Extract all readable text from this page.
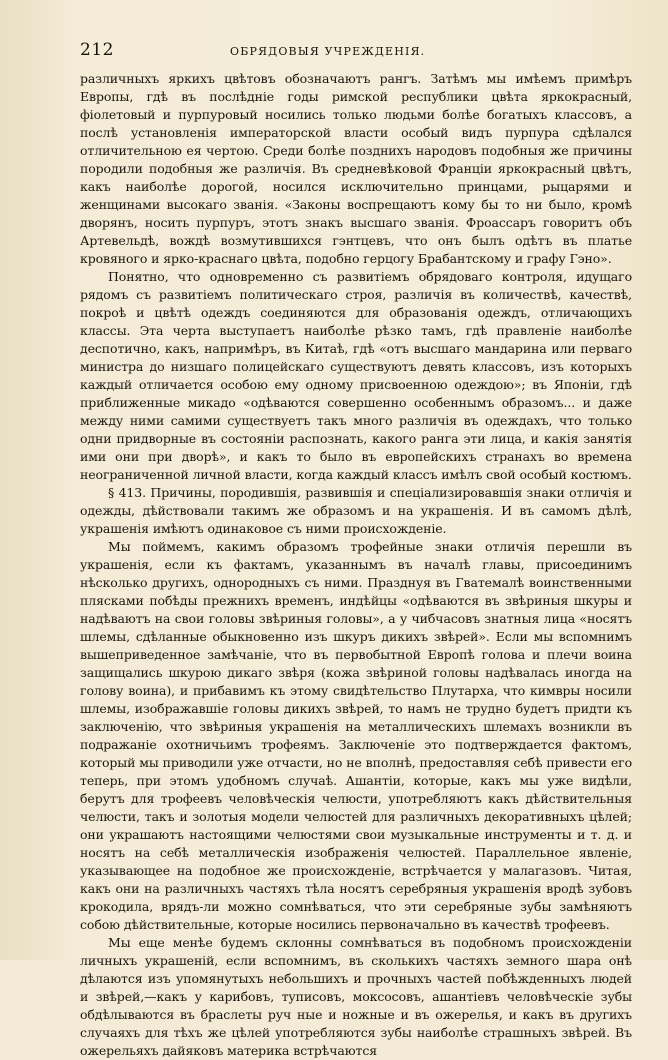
212	ОБРЯДОВЫЯ УЧРЕЖДЕНІЯ.

различныхъ яркихъ цвѣтовъ обозначаютъ рангъ. Затѣмъ мы имѣемъ примѣръ Европы, гдѣ въ послѣдніе годы римской республики цвѣта яркокрасный, фіолетовый и пурпуровый носились только людьми болѣе богатыхъ классовъ, а послѣ установленія императорской власти особый видъ пурпура сдѣлался отличительною ея чертою. Среди болѣе позднихъ народовъ подобныя же причины породили подобныя же различія. Въ средневѣковой Франціи яркокрасный цвѣтъ, какъ наиболѣе дорогой, носился исключительно принцами, рыцарями и женщинами высокаго званія. «Законы воспрещаютъ кому бы то ни было, кромѣ дворянъ, носить пурпуръ, этотъ знакъ высшаго званія. Фроассаръ говоритъ объ Артевельдѣ, вождѣ возмутившихся гэнтцевъ, что онъ былъ одѣтъ въ платье кровяного и ярко-краснаго цвѣта, подобно герцогу Брабантскому и графу Гэно».

Понятно, что одновременно съ развитіемъ обрядоваго контроля, идущаго рядомъ съ развитіемъ политическаго строя, различія въ количествѣ, качествѣ, покроѣ и цвѣтѣ одеждъ соединяются для образованія одеждъ, отличающихъ классы. Эта черта выступаетъ наиболѣе рѣзко тамъ, гдѣ правленіе наиболѣе деспотично, какъ, напримѣръ, въ Китаѣ, гдѣ «отъ высшаго мандарина или перваго министра до низшаго полицейскаго существуютъ девять классовъ, изъ которыхъ каждый отличается особою ему одному присвоенною одеждою»; въ Японіи, гдѣ приближенные микадо «одѣваются совершенно особеннымъ образомъ... и даже между ними самими существуетъ такъ много различія въ одеждахъ, что только одни придворные въ состояніи распознать, какого ранга эти лица, и какія занятія ими они при дворѣ», и какъ то было въ европейскихъ странахъ во времена неограниченной личной власти, когда каждый классъ имѣлъ свой особый костюмъ.

§ 413. Причины, породившія, развившія и спеціализировавшія знаки отличія и одежды, дѣйствовали такимъ же образомъ и на украшенія. И въ самомъ дѣлѣ, украшенія имѣютъ одинаковое съ ними происхожденіе.

Мы поймемъ, какимъ образомъ трофейные знаки отличія перешли въ украшенія, если къ фактамъ, указаннымъ въ началѣ главы, присоединимъ нѣсколько другихъ, однородныхъ съ ними. Празднуя въ Гватемалѣ воинственными плясками побѣды прежнихъ временъ, индѣйцы «одѣваются въ звѣриныя шкуры и надѣваютъ на свои головы звѣриныя головы», а у чибчасовъ знатныя лица «носятъ шлемы, сдѣланные обыкновенно изъ шкуръ дикихъ звѣрей». Если мы вспомнимъ вышеприведенное замѣчаніе, что въ первобытной Европѣ голова и плечи воина защищались шкурою дикаго звѣря (кожа звѣриной головы надѣвалась иногда на голову воина), и прибавимъ къ этому свидѣтельство Плутарха, что кимвры носили шлемы, изображавшіе головы дикихъ звѣрей, то намъ не трудно будетъ придти къ заключенію, что звѣриныя украшенія на металлическихъ шлемахъ возникли въ подражаніе охотничьимъ трофеямъ. Заключеніе это подтверждается фактомъ, который мы приводили уже отчасти, но не вполнѣ, предоставляя себѣ привести его теперь, при этомъ удобномъ случаѣ. Ашантіи, которые, какъ мы уже видѣли, берутъ для трофеевъ человѣческія челюсти, употребляютъ какъ дѣйствительныя челюсти, такъ и золотыя модели челюстей для различныхъ декоративныхъ цѣлей; они украшаютъ настоящими челюстями свои музыкальные инструменты и т. д. и носятъ на себѣ металлическія изображенія челюстей. Параллельное явленіе, указывающее на подобное же происхожденіе, встрѣчается у малагазовъ. Читая, какъ они на различныхъ частяхъ тѣла носятъ серебряныя украшенія вродѣ зубовъ крокодила, врядъ-ли можно сомнѣваться, что эти серебряные зубы замѣняютъ собою дѣйствительные, которые носились первоначально въ качествѣ трофеевъ.

Мы еще менѣе будемъ склонны сомнѣваться въ подобномъ происхожденіи личныхъ украшеній, если вспомнимъ, въ сколькихъ частяхъ земного шара онѣ дѣлаются изъ упомянутыхъ небольшихъ и прочныхъ частей побѣжденныхъ людей и звѣрей,—какъ у карибовъ, туписовъ, моксосовъ, ашантіевъ человѣческіе зубы обдѣлываются въ браслеты руч ные и ножные и въ ожерелья, и какъ въ другихъ случаяхъ для тѣхъ же цѣлей употребляются зубы наиболѣе страшныхъ звѣрей. Въ ожерельяхъ дайяковъ материка встрѣчаются
